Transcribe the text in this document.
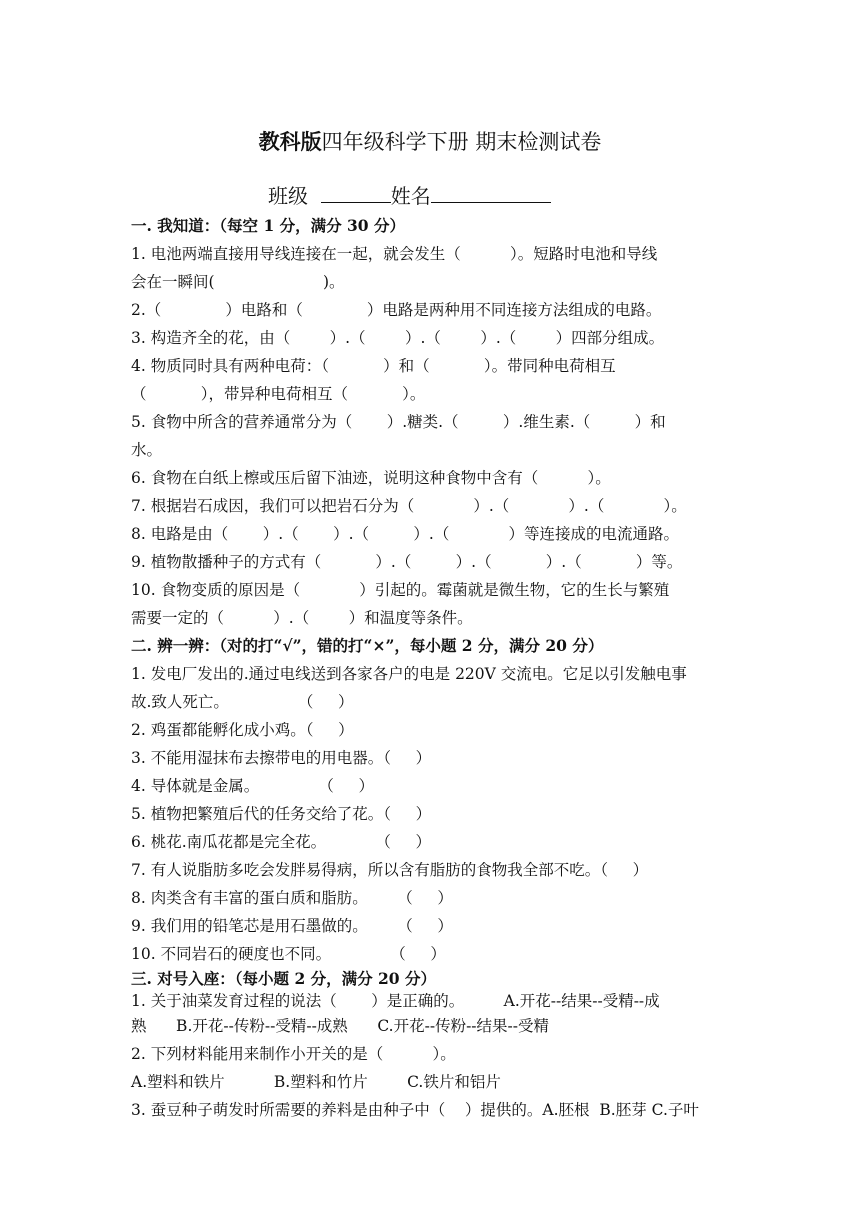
教科版四年级科学下册 期末检测试卷
班级	姓名
一. 我知道：（每空 1 分，满分 30 分）
1. 电池两端直接用导线连接在一起，就会发生（          ）。短路时电池和导线
会在一瞬间(                      )。
2.（             ）电路和（             ）电路是两种用不同连接方法组成的电路。
3. 构造齐全的花，由（        ）.（        ）.（        ）.（        ）四部分组成。
4. 物质同时具有两种电荷：（           ）和（           ）。带同种电荷相互
（           ），带异种电荷相互（           ）。
5. 食物中所含的营养通常分为（       ）.糖类.（         ）.维生素.（         ）和
水。
6. 食物在白纸上檫或压后留下油迹，说明这种食物中含有（          ）。
7. 根据岩石成因，我们可以把岩石分为（            ）.（            ）.（            ）。
8. 电路是由（       ）.（       ）.（         ）.（            ）等连接成的电流通路。
9. 植物散播种子的方式有（           ）.（         ）.（           ）.（           ）等。
10. 食物变质的原因是（            ）引起的。霉菌就是微生物，它的生长与繁殖
需要一定的（          ）.（        ）和温度等条件。
二. 辨一辨：（对的打“√”，错的打“×”，每小题 2 分，满分 20 分）
1. 发电厂发出的.通过电线送到各家各户的电是 220V 交流电。它足以引发触电事
故.致人死亡。              （     ）
2. 鸡蛋都能孵化成小鸡。（     ）
3. 不能用湿抹布去擦带电的用电器。（     ）
4. 导体就是金属。            （     ）
5. 植物把繁殖后代的任务交给了花。（     ）
6. 桃花.南瓜花都是完全花。          （     ）
7. 有人说脂肪多吃会发胖易得病，所以含有脂肪的食物我全部不吃。（     ）
8. 肉类含有丰富的蛋白质和脂肪。      （     ）
9. 我们用的铅笔芯是用石墨做的。      （     ）
10. 不同岩石的硬度也不同。            （     ）
三. 对号入座：（每小题 2 分，满分 20 分）
1. 关于油菜发育过程的说法（       ）是正确的。        A.开花--结果--受精--成
熟      B.开花--传粉--受精--成熟      C.开花--传粉--结果--受精
2. 下列材料能用来制作小开关的是（          ）。
A.塑料和铁片          B.塑料和竹片        C.铁片和铝片
3. 蚕豆种子萌发时所需要的养料是由种子中（    ）提供的。A.胚根  B.胚芽 C.子叶
